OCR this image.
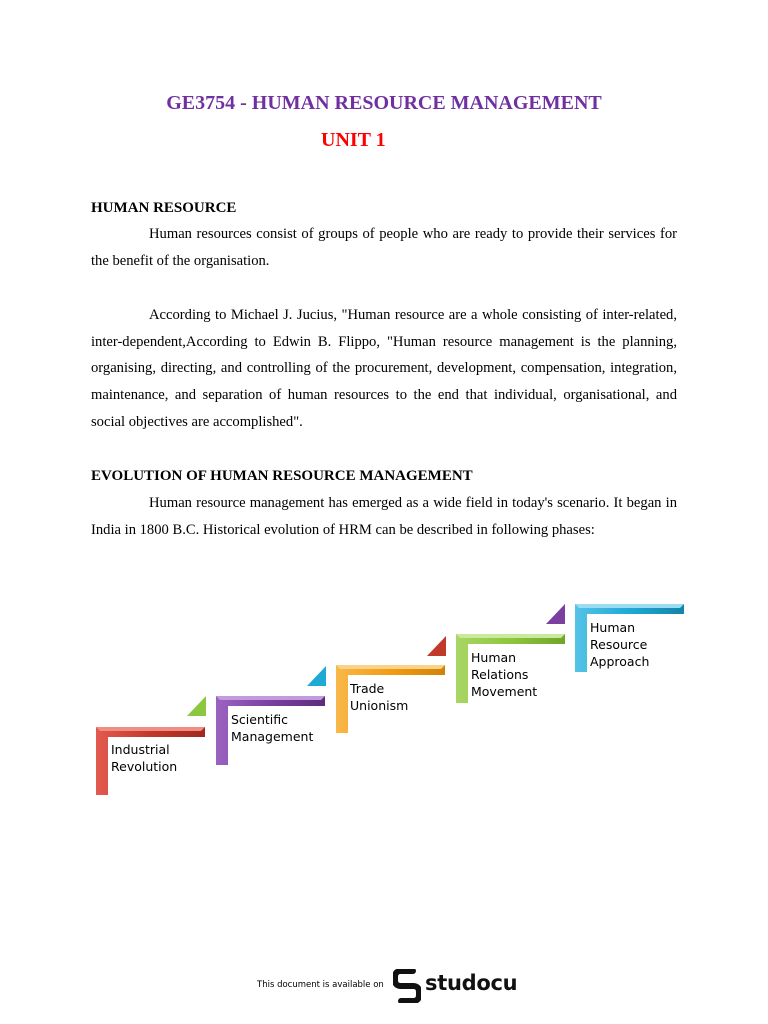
GE3754 - HUMAN RESOURCE MANAGEMENT
UNIT 1
HUMAN RESOURCE

Human resources consist of groups of people who are ready to provide their services for the benefit of the organisation.

According to Michael J. Jucius, "Human resource are a whole consisting of inter-related, inter-dependent,According to Edwin B. Flippo, "Human resource management is the planning, organising, directing, and controlling of the procurement, development, compensation, integration, maintenance, and separation of human resources to the end that individual, organisational, and social objectives are accomplished".

EVOLUTION OF HUMAN RESOURCE MANAGEMENT

Human resource management has emerged as a wide field in today's scenario. It began in India in 1800 B.C. Historical evolution of HRM can be described in following phases:

Industrial
Revolution
Scientific
Management
Trade
Unionism
Human
Relations
Movement
Human
Resource
Approach
This document is available on studocu
